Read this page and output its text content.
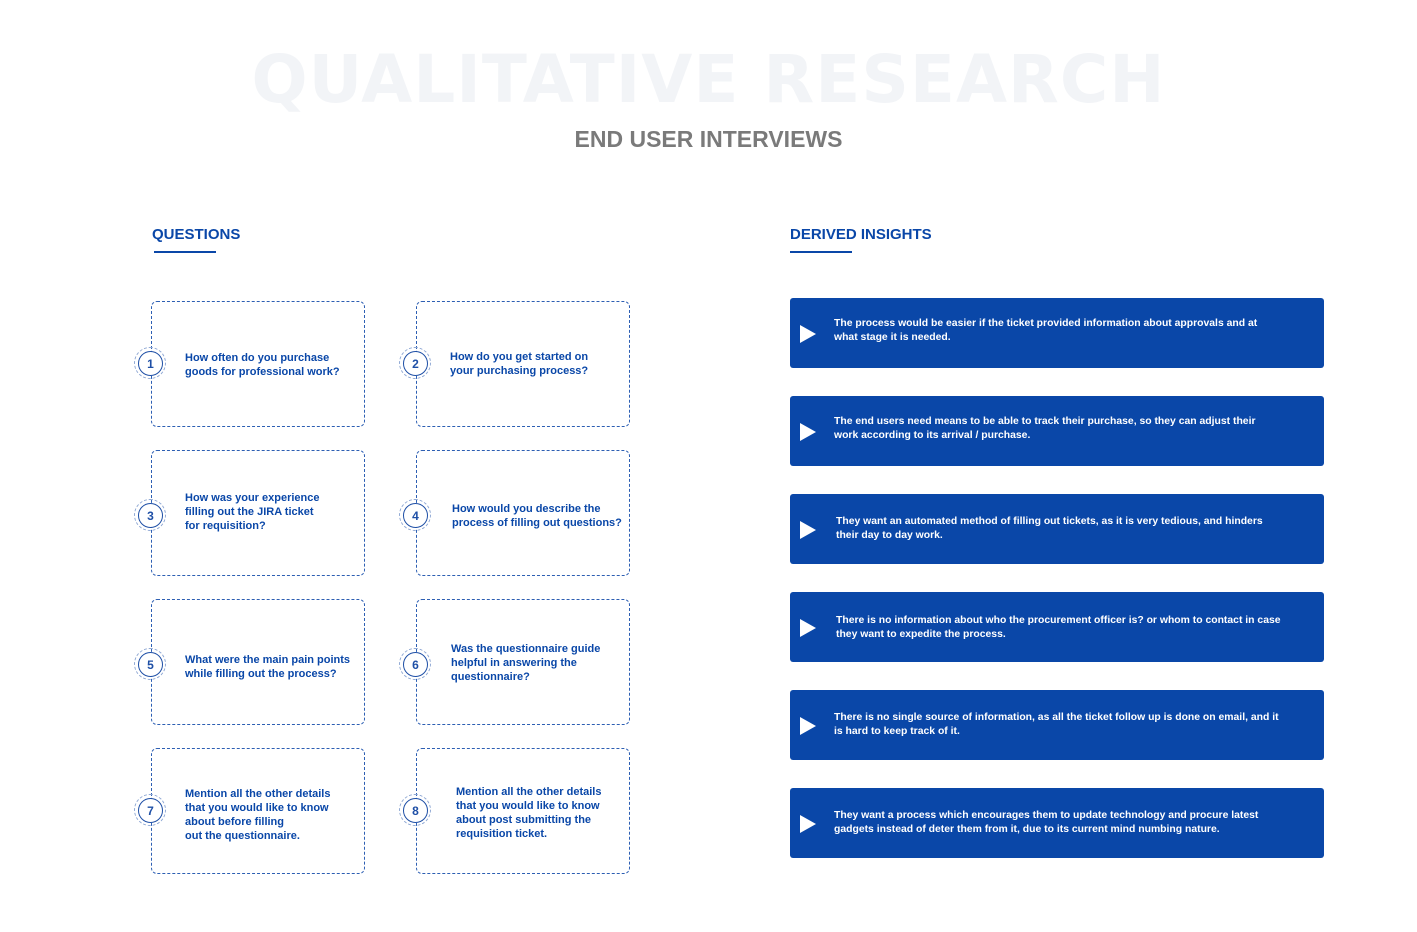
QUALITATIVE RESEARCH
END USER INTERVIEWS
QUESTIONS	DERIVED INSIGHTS
1	How often do you purchase
goods for professional work?
3
How was your experience
filling out the JIRA ticket
for requisition?
5	What were the main pain points
while filling out the process?
7
Mention all the other details
that you would like to know
about before filling
out the questionnaire.
2	How do you get started on
your purchasing process?
4	How would you describe the
process of filling out questions?
6
Was the questionnaire guide
helpful in answering the
questionnaire?
8
Mention all the other details
that you would like to know
about post submitting the
requisition ticket.
The process would be easier if the ticket provided information about approvals and at what stage it is needed.
The end users need means to be able to track their purchase, so they can adjust their work according to its arrival / purchase.
They want an automated method of filling out tickets, as it is very tedious, and hinders their day to day work.
There is no information about who the procurement officer is? or whom to contact in case they want to expedite the process.
There is no single source of information, as all the ticket follow up is done on email, and it is hard to keep track of it.
They want a process which encourages them to update technology and procure latest gadgets instead of deter them from it, due to its current mind numbing nature.
